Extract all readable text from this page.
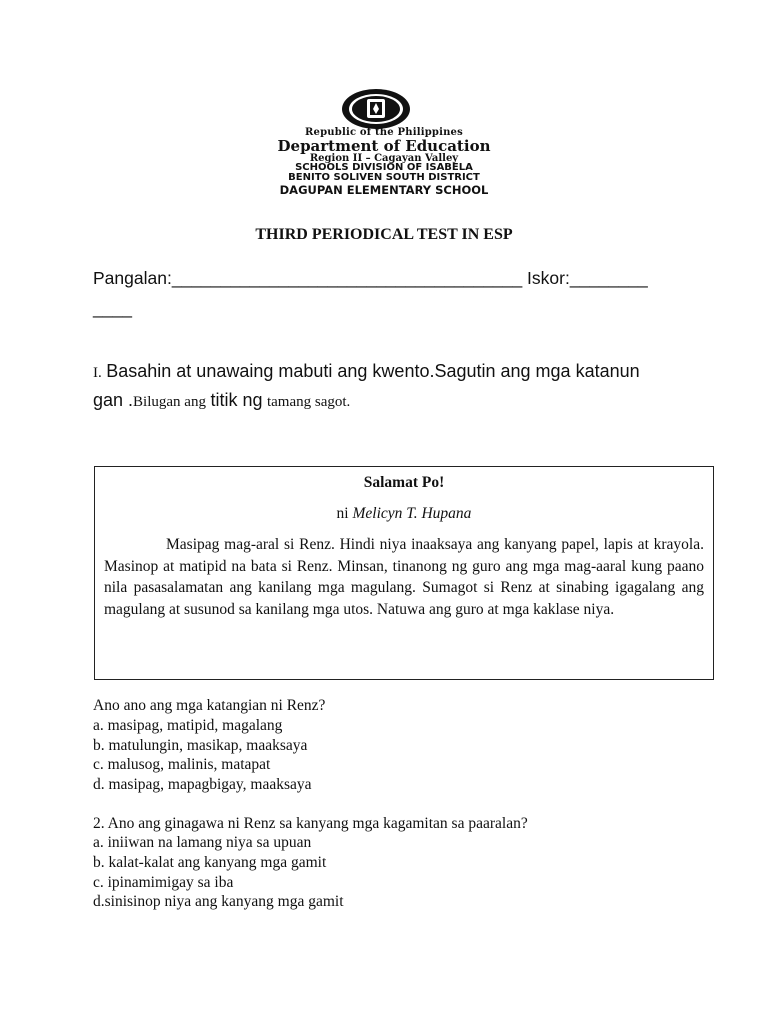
Republic of the Philippines
Department of Education
Region II – Cagayan Valley
SCHOOLS DIVISION OF ISABELA
BENITO SOLIVEN SOUTH DISTRICT
DAGUPAN ELEMENTARY SCHOOL
THIRD PERIODICAL TEST IN ESP
Pangalan:____________________________________ Iskor:________
____
I. Basahin at unawaing mabuti ang kwento.Sagutin ang mga katanun
gan .Bilugan ang titik ng tamang sagot.
Salamat Po!
ni Melicyn T. Hupana
Masipag mag-aral si Renz. Hindi niya inaaksaya ang kanyang papel, lapis at krayola. Masinop at matipid na bata si Renz. Minsan, tinanong ng guro ang mga mag-aaral kung paano nila pasasalamatan ang kanilang mga magulang. Sumagot si Renz at sinabing igagalang ang magulang at susunod sa kanilang mga utos. Natuwa ang guro at mga kaklase niya.
Ano ano ang mga katangian ni Renz?
a. masipag, matipid, magalang
b. matulungin, masikap, maaksaya
c. malusog, malinis, matapat
d. masipag, mapagbigay, maaksaya
2. Ano ang ginagawa ni Renz sa kanyang mga kagamitan sa paaralan?
a. iniiwan na lamang niya sa upuan
b. kalat-kalat ang kanyang mga gamit
c. ipinamimigay sa iba
d.sinisinop niya ang kanyang mga gamit
